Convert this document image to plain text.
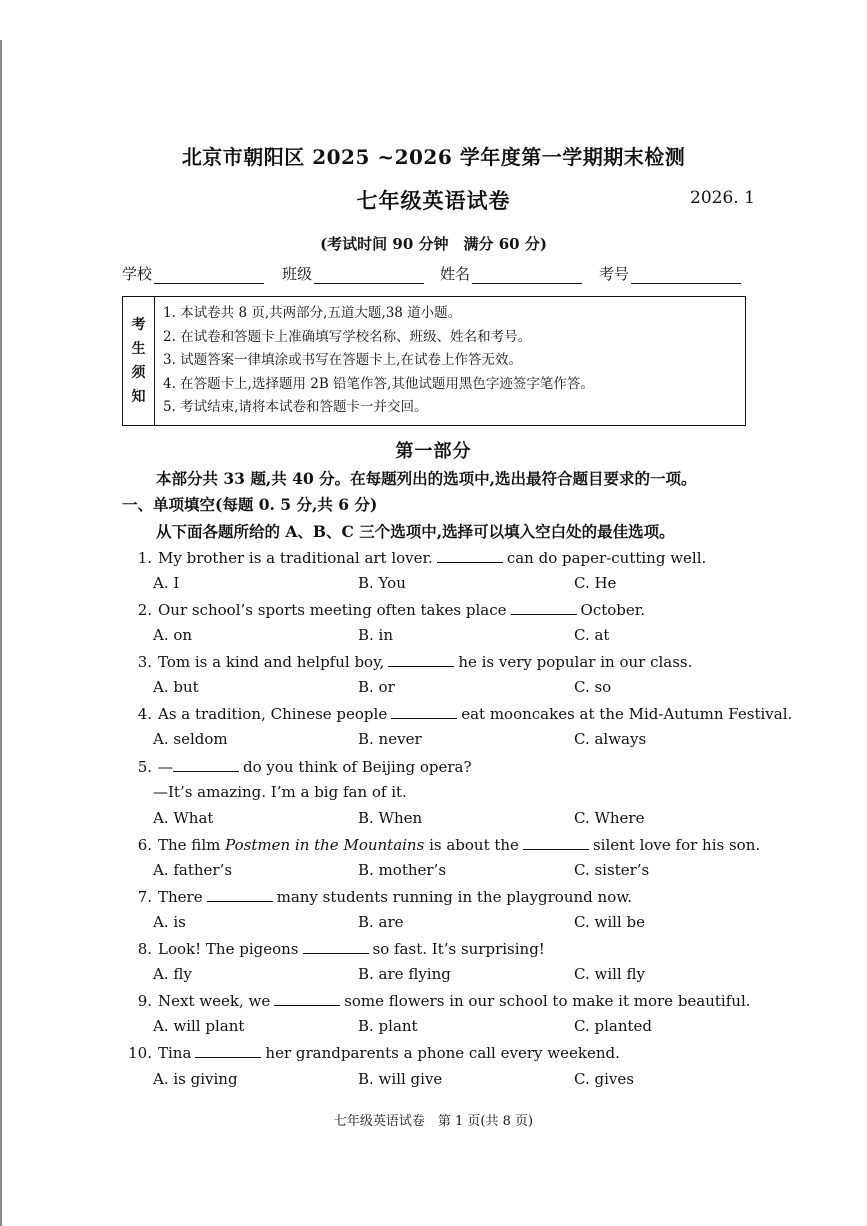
北京市朝阳区 2025 ~2026 学年度第一学期期末检测
七年级英语试卷	2026. 1
(考试时间 90 分钟　满分 60 分)
学校	班级	姓名	考号
考
生
须
知
1. 本试卷共 8 页,共两部分,五道大题,38 道小题。
2. 在试卷和答题卡上准确填写学校名称、班级、姓名和考号。
3. 试题答案一律填涂或书写在答题卡上,在试卷上作答无效。
4. 在答题卡上,选择题用 2B 铅笔作答,其他试题用黑色字迹签字笔作答。
5. 考试结束,请将本试卷和答题卡一并交回。
第一部分
本部分共 33 题,共 40 分。在每题列出的选项中,选出最符合题目要求的一项。
一、单项填空(每题 0. 5 分,共 6 分)
从下面各题所给的 A、B、C 三个选项中,选择可以填入空白处的最佳选项。
1. My brother is a traditional art lover.	can do paper-cutting well.
A. I	B. You	C. He
2. Our school’s sports meeting often takes place	October.
A. on	B. in	C. at
3. Tom is a kind and helpful boy,	he is very popular in our class.
A. but	B. or	C. so
4. As a tradition, Chinese people	eat mooncakes at the Mid-Autumn Festival.
A. seldom	B. never	C. always
5. —	do you think of Beijing opera?
—It’s amazing. I’m a big fan of it.
A. What	B. When	C. Where
6. The film Postmen in the Mountains is about the	silent love for his son.
A. father’s	B. mother’s	C. sister’s
7. There	many students running in the playground now.
A. is	B. are	C. will be
8. Look! The pigeons	so fast. It’s surprising!
A. fly	B. are flying	C. will fly
9. Next week, we	some flowers in our school to make it more beautiful.
A. will plant	B. plant	C. planted
10. Tina	her grandparents a phone call every weekend.
A. is giving	B. will give	C. gives
七年级英语试卷　第 1 页(共 8 页)
